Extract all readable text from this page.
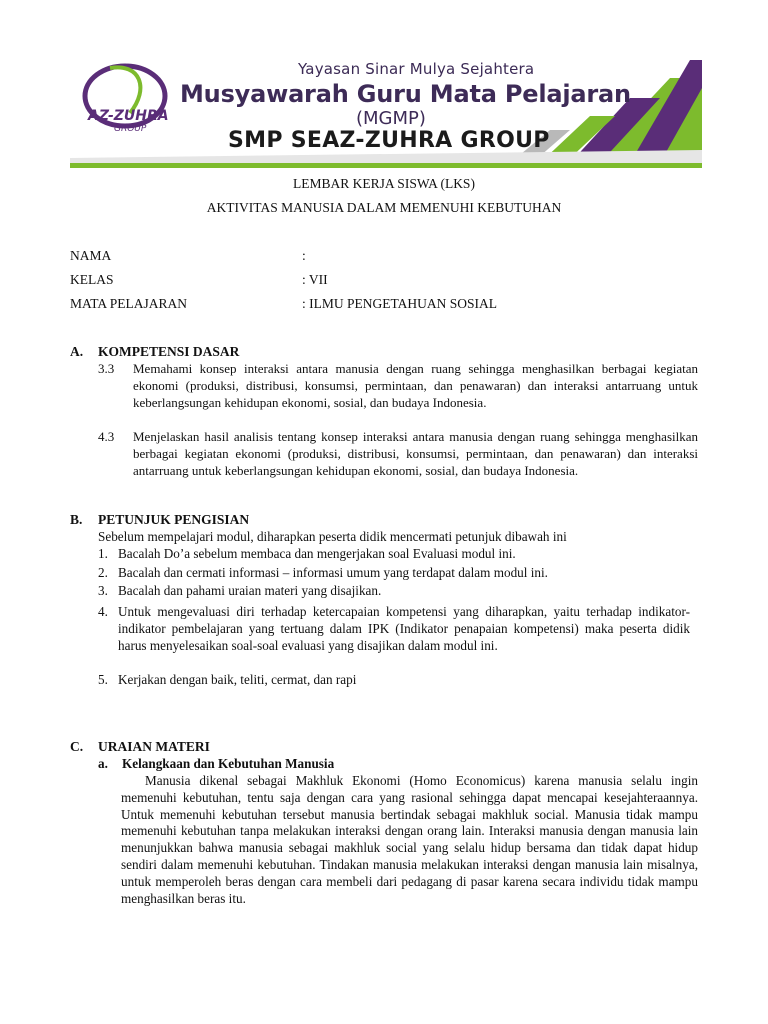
AZ-ZUHRA
GROUP
Yayasan Sinar Mulya Sejahtera
Musyawarah Guru Mata Pelajaran
(MGMP)
SMP SEAZ-ZUHRA GROUP
LEMBAR KERJA SISWA (LKS)
AKTIVITAS MANUSIA DALAM MEMENUHI KEBUTUHAN
NAMA	:
KELAS	: VII
MATA PELAJARAN	: ILMU PENGETAHUAN SOSIAL
A. KOMPETENSI DASAR
3.3 Memahami konsep interaksi antara manusia dengan ruang sehingga menghasilkan berbagai kegiatan ekonomi (produksi, distribusi, konsumsi, permintaan, dan penawaran) dan interaksi antarruang untuk keberlangsungan kehidupan ekonomi, sosial, dan budaya Indonesia.
4.3 Menjelaskan hasil analisis tentang konsep interaksi antara manusia dengan ruang sehingga menghasilkan berbagai kegiatan ekonomi (produksi, distribusi, konsumsi, permintaan, dan penawaran) dan interaksi antarruang untuk keberlangsungan kehidupan ekonomi, sosial, dan budaya Indonesia.
B. PETUNJUK PENGISIAN
Sebelum mempelajari modul, diharapkan peserta didik mencermati petunjuk dibawah ini
1. Bacalah Do’a sebelum membaca dan mengerjakan soal Evaluasi modul ini.
2. Bacalah dan cermati informasi – informasi umum yang terdapat dalam modul ini.
3. Bacalah dan pahami uraian materi yang disajikan.
4. Untuk mengevaluasi diri terhadap ketercapaian kompetensi yang diharapkan, yaitu terhadap indikator-indikator pembelajaran yang tertuang dalam IPK (Indikator penapaian kompetensi) maka peserta didik harus menyelesaikan soal-soal evaluasi yang disajikan dalam modul ini.
5. Kerjakan dengan baik, teliti, cermat, dan rapi
C. URAIAN MATERI
a. Kelangkaan dan Kebutuhan Manusia
Manusia dikenal sebagai Makhluk Ekonomi (Homo Economicus) karena manusia selalu ingin memenuhi kebutuhan, tentu saja dengan cara yang rasional sehingga dapat mencapai kesejahteraannya. Untuk memenuhi kebutuhan tersebut manusia bertindak sebagai makhluk social. Manusia tidak mampu memenuhi kebutuhan tanpa melakukan interaksi dengan orang lain. Interaksi manusia dengan manusia lain menunjukkan bahwa manusia sebagai makhluk social yang selalu hidup bersama dan tidak dapat hidup sendiri dalam memenuhi kebutuhan. Tindakan manusia melakukan interaksi dengan manusia lain misalnya, untuk memperoleh beras dengan cara membeli dari pedagang di pasar karena secara individu tidak mampu menghasilkan beras itu.
